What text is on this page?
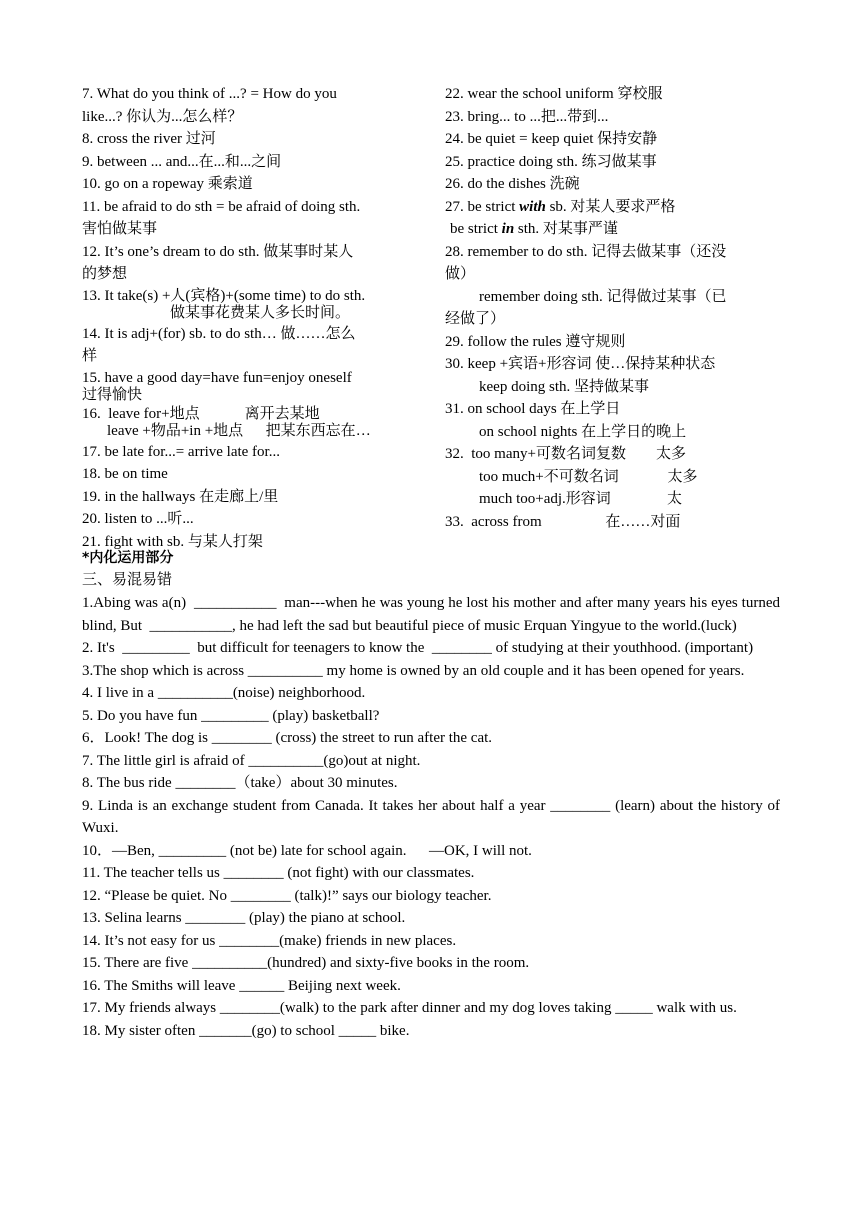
7. What do you think of ...? = How do you
like...? 你认为...怎么样？
8. cross the river 过河
9. between ... and...在...和...之间
10. go on a ropeway 乘索道
11. be afraid to do sth = be afraid of doing sth.
害怕做某事
12. It’s one’s dream to do sth. 做某事时某人
的梦想
13. It take(s) +人(宾格)+(some time) to do sth.
做某事花费某人多长时间。
14. It is adj+(for) sb. to do sth… 做……怎么
样
15. have a good day=have fun=enjoy oneself
过得愉快
16.  leave for+地点            离开去某地
leave +物品+in +地点      把某东西忘在…
17. be late for...= arrive late for...
18. be on time
19. in the hallways 在走廊上/里
20. listen to ...听...
21. fight with sb. 与某人打架
22. wear the school uniform 穿校服
23. bring... to ...把...带到...
24. be quiet = keep quiet 保持安静
25. practice doing sth. 练习做某事
26. do the dishes 洗碗
27. be strict with sb. 对某人要求严格
be strict in sth. 对某事严谨
28. remember to do sth. 记得去做某事（还没
做）
remember doing sth. 记得做过某事（已
经做了）
29. follow the rules 遵守规则
30. keep +宾语+形容词 使…保持某种状态
keep doing sth. 坚持做某事
31. on school days 在上学日
on school nights 在上学日的晚上
32.  too many+可数名词复数        太多
too much+不可数名词             太多
much too+adj.形容词               太
33.  across from                 在……对面
*内化运用部分
三、易混易错
1.Abing was a(n)  ___________  man---when he was young he lost his mother and after many years his eyes turned blind, But  ___________, he had left the sad but beautiful piece of music Erquan Yingyue to the world.(luck)
2. It's  _________  but difficult for teenagers to know the  ________ of studying at their youthhood. (important)
3.The shop which is across __________ my home is owned by an old couple and it has been opened for years.
4. I live in a __________(noise) neighborhood.
5. Do you have fun _________ (play) basketball?
6．Look! The dog is ________ (cross) the street to run after the cat.
7. The little girl is afraid of __________(go)out at night.
8. The bus ride ________（take）about 30 minutes.
9. Linda is an exchange student from Canada. It takes her about half a year ________ (learn) about the history of Wuxi.
10．—Ben, _________ (not be) late for school again.      —OK, I will not.
11. The teacher tells us ________ (not fight) with our classmates.
12. “Please be quiet. No ________ (talk)!” says our biology teacher.
13. Selina learns ________ (play) the piano at school.
14. It’s not easy for us ________(make) friends in new places.
15. There are five __________(hundred) and sixty-five books in the room.
16. The Smiths will leave ______ Beijing next week.
17. My friends always ________(walk) to the park after dinner and my dog loves taking _____ walk with us.
18. My sister often _______(go) to school _____ bike.
